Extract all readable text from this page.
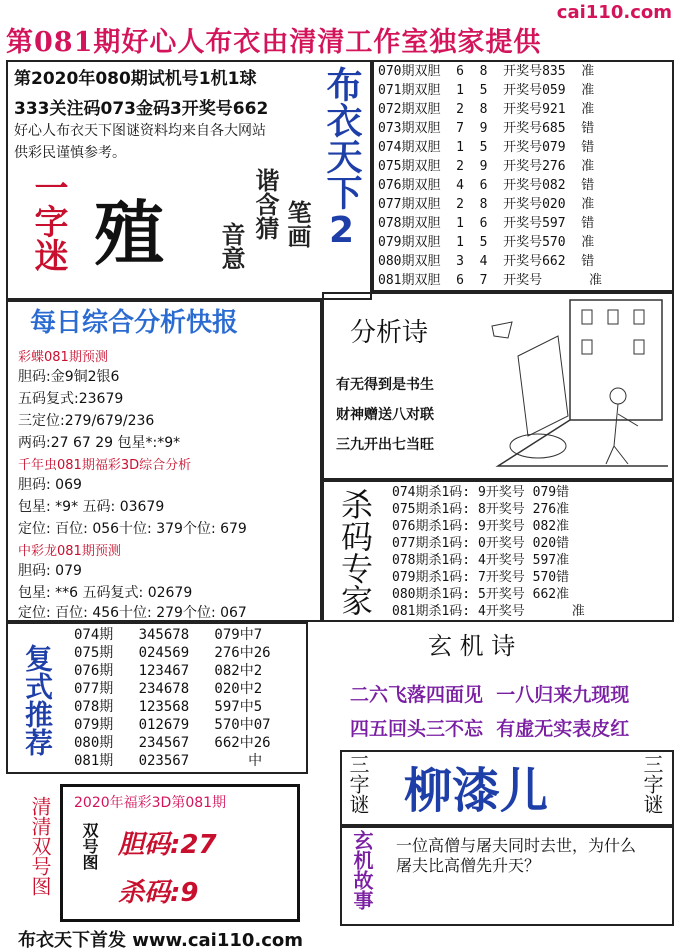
cai110.com
第081期好心人布衣由清清工作室独家提供
第2020年080期试机号1机1球
333关注码073金码3开奖号662
好心人布衣天下图谜资料均来自各大网站
供彩民谨慎参考。
一字迷 殖	谐含猜 笔画
音意 布衣天下2 070期双胆  6  8  开奖号835  准
071期双胆  1  5  开奖号059  准
072期双胆  2  8  开奖号921  准
073期双胆  7  9  开奖号685  错
074期双胆  1  5  开奖号079  错
075期双胆  2  9  开奖号276  准
076期双胆  4  6  开奖号082  错
077期双胆  2  8  开奖号020  准
078期双胆  1  6  开奖号597  错
079期双胆  1  5  开奖号570  准
080期双胆  3  4  开奖号662  错
081期双胆  6  7  开奖号      准
每日综合分析快报
彩蝶081期预测
胆码:金9铜2银6
五码复式:23679
三定位:279/679/236
两码:27 67 29 包星*:*9*
千年虫081期福彩3D综合分析
胆码: 069
包星: *9* 五码: 03679
定位: 百位: 056十位: 379个位: 679
中彩龙081期预测
胆码: 079
包星: **6 五码复式: 02679
定位: 百位: 456十位: 279个位: 067
分析诗
有无得到是书生
财神赠送八对联
三九开出七当旺
杀码专家 074期杀1码: 9开奖号 079错
075期杀1码: 8开奖号 276准
076期杀1码: 9开奖号 082准
077期杀1码: 0开奖号 020错
078期杀1码: 4开奖号 597准
079期杀1码: 7开奖号 570错
080期杀1码: 5开奖号 662准
081期杀1码: 4开奖号      准
复式推荐
074期   345678   079中7
075期   024569   276中26
076期   123467   082中2
077期   234678   020中2
078期   123568   597中5
079期   012679   570中07
080期   234567   662中26
081期   023567       中
玄 机 诗
二六飞落四面见  一八归来九现现
四五回头三不忘  有虚无实表皮红
三字谜 柳漆儿	三字谜
玄机故事 一位高僧与屠夫同时去世，为什么屠夫比高僧先升天？
清清双号图 2020年福彩3D第081期
双号图 胆码:27
杀码:9
布衣天下首发 www.cai110.com
